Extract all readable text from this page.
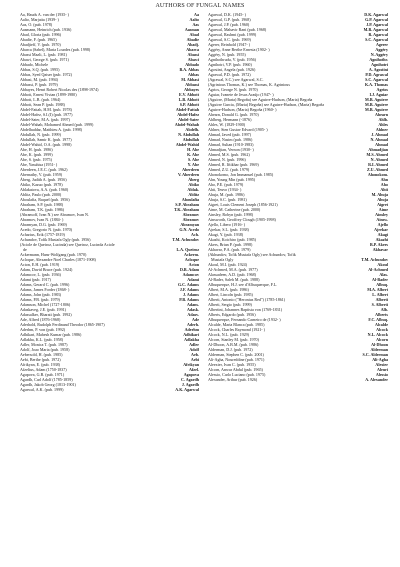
AUTHORS OF FUNGAL NAMES
Aa, Hauds A. van der (1935- )	Aa
Aalto, Marjatta (1939- )	Aalto
Aas, O. (pub. 1978)	Aas
Aasmann, Heinrich (pub. 1936)	Aasman
Abad, Gloria (pub. 1996)	Abad
Abadie, F. (pub. 1965)	Abadie
Abadjieff, V. (pub. 1970)	Abadj.
Abarca (Sabel), Maria Lourdes (pub. 1998)	Abarca
Abassi Mazli, L. (pub. 1981)	Abassi
Abawi, George S. (pub. 1971)	Abawi
Abbado, Michele	Abbado
Abbas, S.Q. (pub. 1995)	B.A. Abbas
Abbas, Syed Qaiser (pub. 1972)	Abbas
Abbasi, M. (pub. 1994)	M. Abbasi
Abbassi, P. (pub. 1979)	Abbassi
Abbayes, Henri Robert Nicolas des (1898-1974)	Abbayes
Abbott, Ernest Vivian (1899-1980)	E.V. Abbott
Abbott, L.B. (pub. 1964)	L.B. Abbott
Abbott, Sean P. (pub. 1988)	S.P. Abbott
Abdel-Fattah, H.M. (pub. 1978)	Abdel-Fattah
Abdel-Hafez, S.I.(I) (pub. 1977)	Abdel-Hafez
Abdel-Sater, M.A. (pub. 1997)	Abdel-Sater
Abdel-Wahab, Mohamed Ahmed (pub. 1999)	Abdel-Wahab
Abdelhaddar, Matthieu A. (pub. 1998)	Abdelh.
Abdullah, N. (pub. 1999)	N. Abdullah
Abdullah, Samir K. (pub. 1977)	Abdullah
Abdel-Wahid, O.A. (pub. 1998)	Abdel-Wahid
Abe, H. (pub. 1986)	H. Abe
Abe, K. (pub. 1999)	K. Abe
Abe, S. (pub. 1975)	S. Abe
Abe, Yasuhisa (1951- )	Y. Abe
Aberdeen, J.E.C. (pub. 1962)	Aberdeen
Abernathy, V. (pub. 1959)	V. Aberdeen
Åberg, Judith A. (pub. 1956)	Åberg
Abiko, Kazuo (pub. 1978)	Abiko
Ablakatova, A.A. (pub. 1960)	Ablak.
Ablitz, Paulo (pub. 2000)	Ablitz
Aboulafia, Raquel (pub. 1956)	Aboulafia
Abraham, S.P. (pub. 1988)	S.P. Abraham
Abraham, T.K. (pub. 1986)	T.K. Abraham
(Abramoff, Ivan N.) see Abramov, Ivan N.	Abramov
Abramov, Ivan N. (1884- )	Abramov
Abramyan, D.G. (pub. 1969)	Abramyan
Acedo, Gregorio N. (pub. 1970)	G.N. Acedo
Acharius, Erik (1757-1819)	Ach.
Achundov, Tofik Mustafa Ogly (pub. 1956)	T.M. Achundov
(Aciole de Queiroz, Lucinda) see Queiroz, Lucinda Aciole
de	L.A. Queiroz
Ackermann, Hans-Wolfgang (pub. 1970)	Ackerm.
Acloque, Alexandre Noel Charles (1871-1908)	Acloque
Acton, E.H. (pub. 1919)	Acton
Adam, David Bruce (pub. 1924)	D.B. Adam
Adamcov, L. (pub. 1936)	Adamcov
Adami (pub. 1917)	Adami
Adams, Gerard C. (pub. 1996)	G.C. Adams
Adams, James Forder (1868- )	J.F. Adams
Adams, John (pub. 1983)	J. Adams
Adams, P.B. (pub. 1979)	P.B. Adams
Adamson, Michel (1727-1806)	Adans.
Adaskaveg, J.E. (pub. 1991)	Adask.
Adassalker, Bharati (pub. 1992)	Adasv.
Ade, Alfred (1876-1968)	Ade
Aderhold, Rudolph Ferdinand Theodor (1865-1907)	Aderh.
Aderhm, P. von (pub. 1992)	Aderhm
Adhikari, Mahesh Kumar (pub. 1986)	Adhikari
Adlakha, K.L. (pub. 1958)	Adlakha
Adler, Monica T. (pub. 1987)	Adler
Adolf, Joao Maria (pub. 1958)	Adolf
Aebersold, H. (pub. 1985)	Aeb.
Aebi, Berthe (pub. 1972)	Aebi
Afrikyan, E. (pub. 1938)	Afrikyan
Afzelius, Adam (1750-1837)	Afzel.
Agapova, G.B. (pub. 1971)	Agapova
Agardh, Carl Adolf (1785-1859)	C. Agardh
Agardh, Jakob Georg (1813-1901)	J. Agardh
Agarwal, A.K. (pub. 1999)	A.K. Agarwal
Agarwal, D.K. (1945- )	D.K. Agarwal
Agarwal, G.P. (pub. 1968)	G.P. Agarwal
Agarwal, J.P. (pub. 1960)	J.P. Agarwal
Agarwal, Mahavir Rani (pub. 1968)	M.R. Agarwal
Agarwal, Rashmi (pub. 1999)	R. Agarwal
Agarwal, S.C. (pub. 1969)	S.C. Agarwal
Agerer, Reinhold (1947- )	Agerer
Aggéry, Anne Berthe Ernesta (1902- )	Aggéry
Aggéry, N. (pub. 1955)	N. Aggéry
Agnihothrudu, V. (pub. 1956)	Agnihothr.
Agnihotri, V.P. (pub. 1960)	Agnihotri
Agostini, Angela (pub. 1926)	A. Agostini
Agrawal, P.D. (pub. 1972)	P.D. Agrawal
(Agrawal, S.C.) see Agarwal, S.C.	S.C. Agarwal
(Agrinious Thomas, K.) see Thomas, K. Agrinious	K.A. Thomas
Agrios, George N. (pub. 1970)	Agrios
Aguiar, Ivanete de Jesus Araújo (1947- )	I.J. Aguiar
(Aguirre, (Marta) Begoña) see Aguirre-Hudson, (Maria) Begoña	M.B. Aguirre
(Aguirre Garcia, (Maria) Begoña) see Aguirre-Hudson, (Maria) Begoña	M.B. Aguirre
Aguirre-Hudson, (Maria) Begoña (1960- )	M.B. Aguirre
Ahearn, Donald G. (pub. 1970)	Ahearn
Ahlberg, Hermann (-1876)	Ahlb.
Ahles, W. (1829-1900)	Ahles
Ahlner, Sten Gustav Edvard (1905- )	Ahlner
Ahmad, Javed (pub. 1997)	J. Ahmad
Ahmad, Nasim (pub. 1986)	N. Ahmad
Ahmad, Sultan (1910-1983)	Ahmad
Ahmadjian, Vernon (1930- )	Ahmadjian
Ahmed, M.S. (pub. 1962)	M.S. Ahmed
Ahmed, N. (pub. 1996)	N. Ahmed
Ahmed, R. Iftikhar (pub. 1969)	R.I. Ahmed
Ahmed, Z.U. (pub. 1979)	Z.U. Ahmed
Ahonokomo, Jon Immanuel (pub. 1985)	Ahonokom.
Ahn, Young Min (pub. 1995)	Ahn
Aho, P.E. (pub. 1979)	Aho
Ahti, Teuvo (1934- )	Ahti
Ahuja, M. (pub. 1986)	M. Ahuja
Ahuja, S.C. (pub. 1981)	Ahuja
Aigret, Louis Clement Joseph (1856-1921)	Aigret
Aime, M. Catherine (pub. 2000)	Aime
Ainsley, Robyn (pub. 1998)	Ainsley
Ainsworth, Geoffrey Clough (1905-1998)	Ainsw.
Ajello, Libero (1916- )	Ajello
Ajrekar, S.L. (pub. 1938)	Ajrekar
Akagi, Y. (pub. 1938)	Akagi
Akazhi, Koichiro (pub. 1985)	Akazhi
Akers, Brian P. (pub. 1998)	B.P. Akers
Akhavar, P.A. (pub. 1979)	Akhavar
(Akhundov, Tofik Mustafa Ogly) see Achundov, Tofik
Mustafa Ogly	T.M. Achundov
Akoul, M.I. (pub. 1924)	Akoul
Al-Achmed, M.A. (pub. 1977)	Al-Achmed
Alassadeen, A.D. (pub. 1968)	Alas.
Al-Bader, Saleh M. (pub. 1988)	Al-Bader
Albuquerque, H.J. see d'Albuquerque, F.L.	Albuq.
Albert, M.A. (pub. 1986)	M.A. Albert
Albert, Lincoln (pub. 1985)	L. Albert
Alberti, Antonio ("Heronius Red") (1785-1861)	Alberti
Alberti, Sergio (pub. 1999)	S. Alberti
Albertini, Johannes Baptista von (1769-1831)	Alb.
Alberts, Edgardo (pub. 1956)	Alberts
Albuquerque, Fernando Carneiro de (1932- )	F.C. Albuq.
Alcalde, Maria Blanca (pub. 1985)	Alcalde
Alcock, Charles Raymond (1921- )	Alcock
Alcock, N.L. (pub. 1929)	N.L. Alcock
Alcorn, Stanley M. (pub. 1970)	Alcorn
Al-Dhoon, A.B.M. (pub. 1986)	Al-Dhoon
Alderman, D.J. (pub. 1972)	Alderman
Alderman, Stephen C. (pub. 2001)	S.C. Alderman
Ali-Agha, Noureddine (pub. 1971)	Ali-Agha
Aleexier, Ivan C. (pub. 1955)	Alexier
Alcorn, Anwar Abdul (pub. 1965)	Aleuri
Alessio, Carlo Luciano (pub. 1975)	Alessio
Alexander, Arthur (pub. 1926)	A. Alexander
